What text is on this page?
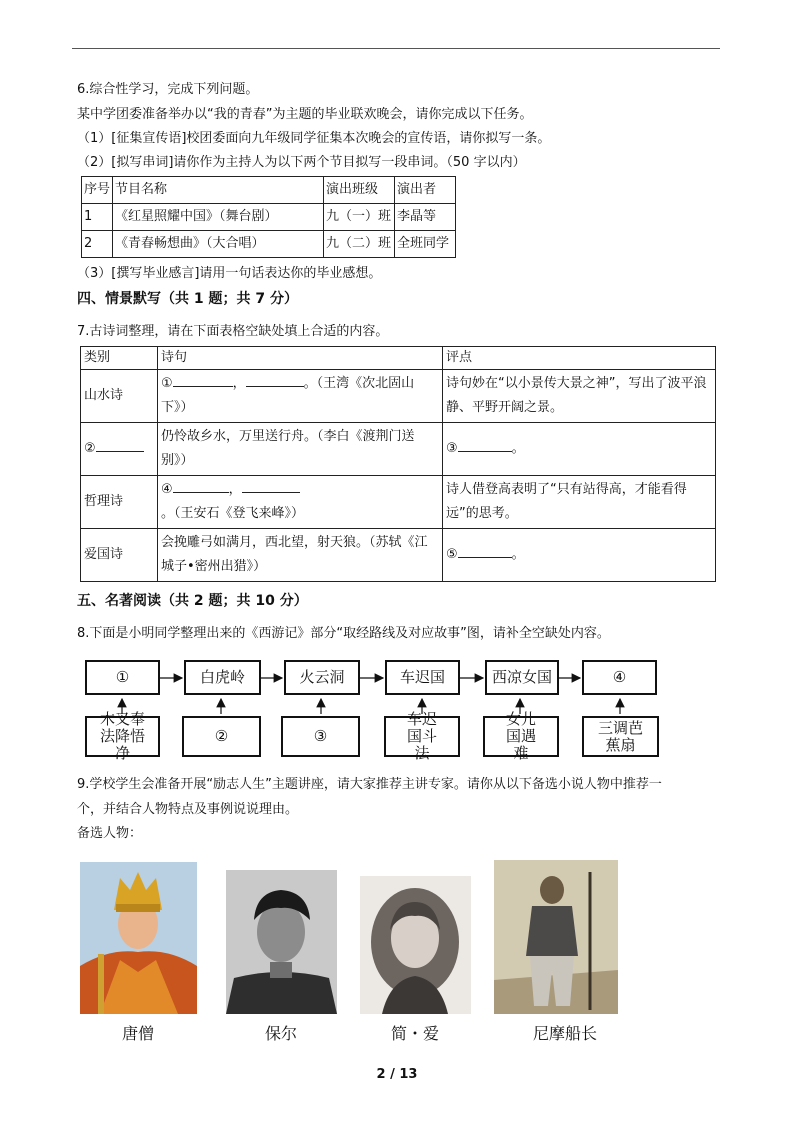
6.综合性学习，完成下列问题。
某中学团委准备举办以“我的青春”为主题的毕业联欢晚会，请你完成以下任务。
（1）[征集宣传语]校团委面向九年级同学征集本次晚会的宣传语，请你拟写一条。
（2）[拟写串词]请你作为主持人为以下两个节目拟写一段串词。（50 字以内）
序号	节目名称	演出班级	演出者
1	《红星照耀中国》（舞台剧）	九（一）班	李晶等
2	《青春畅想曲》（大合唱）	九（二）班	全班同学
（3）[撰写毕业感言]请用一句话表达你的毕业感想。
四、情景默写（共 1 题；共 7 分）
7.古诗词整理，请在下面表格空缺处填上合适的内容。
类别	诗句	评点
山水诗	① ， 。（王湾《次北固山下》）	诗句妙在“以小景传大景之神”，写出了波平浪静、平野开阔之景。
②	仍怜故乡水，万里送行舟。（李白《渡荆门送别》）	③ 。
哲理诗	④ ，。（王安石《登飞来峰》）	诗人借登高表明了“只有站得高，才能看得远”的思考。
爱国诗	会挽雕弓如满月，西北望，射天狼。（苏轼《江城子•密州出猎》）	⑤ 。
五、名著阅读（共 2 题；共 10 分）
8.下面是小明同学整理出来的《西游记》部分“取经路线及对应故事”图，请补全空缺处内容。
①	白虎岭	火云洞	车迟国	西凉女国	④
木叉奉法降悟净
②	③
车迟国斗法
女儿国遇难
三调芭蕉扇
9.学校学生会准备开展“励志人生”主题讲座，请大家推荐主讲专家。请你从以下备选小说人物中推荐一
个，并结合人物特点及事例说说理由。
备选人物：
唐僧	保尔	简・爱	尼摩船长
2 / 13
